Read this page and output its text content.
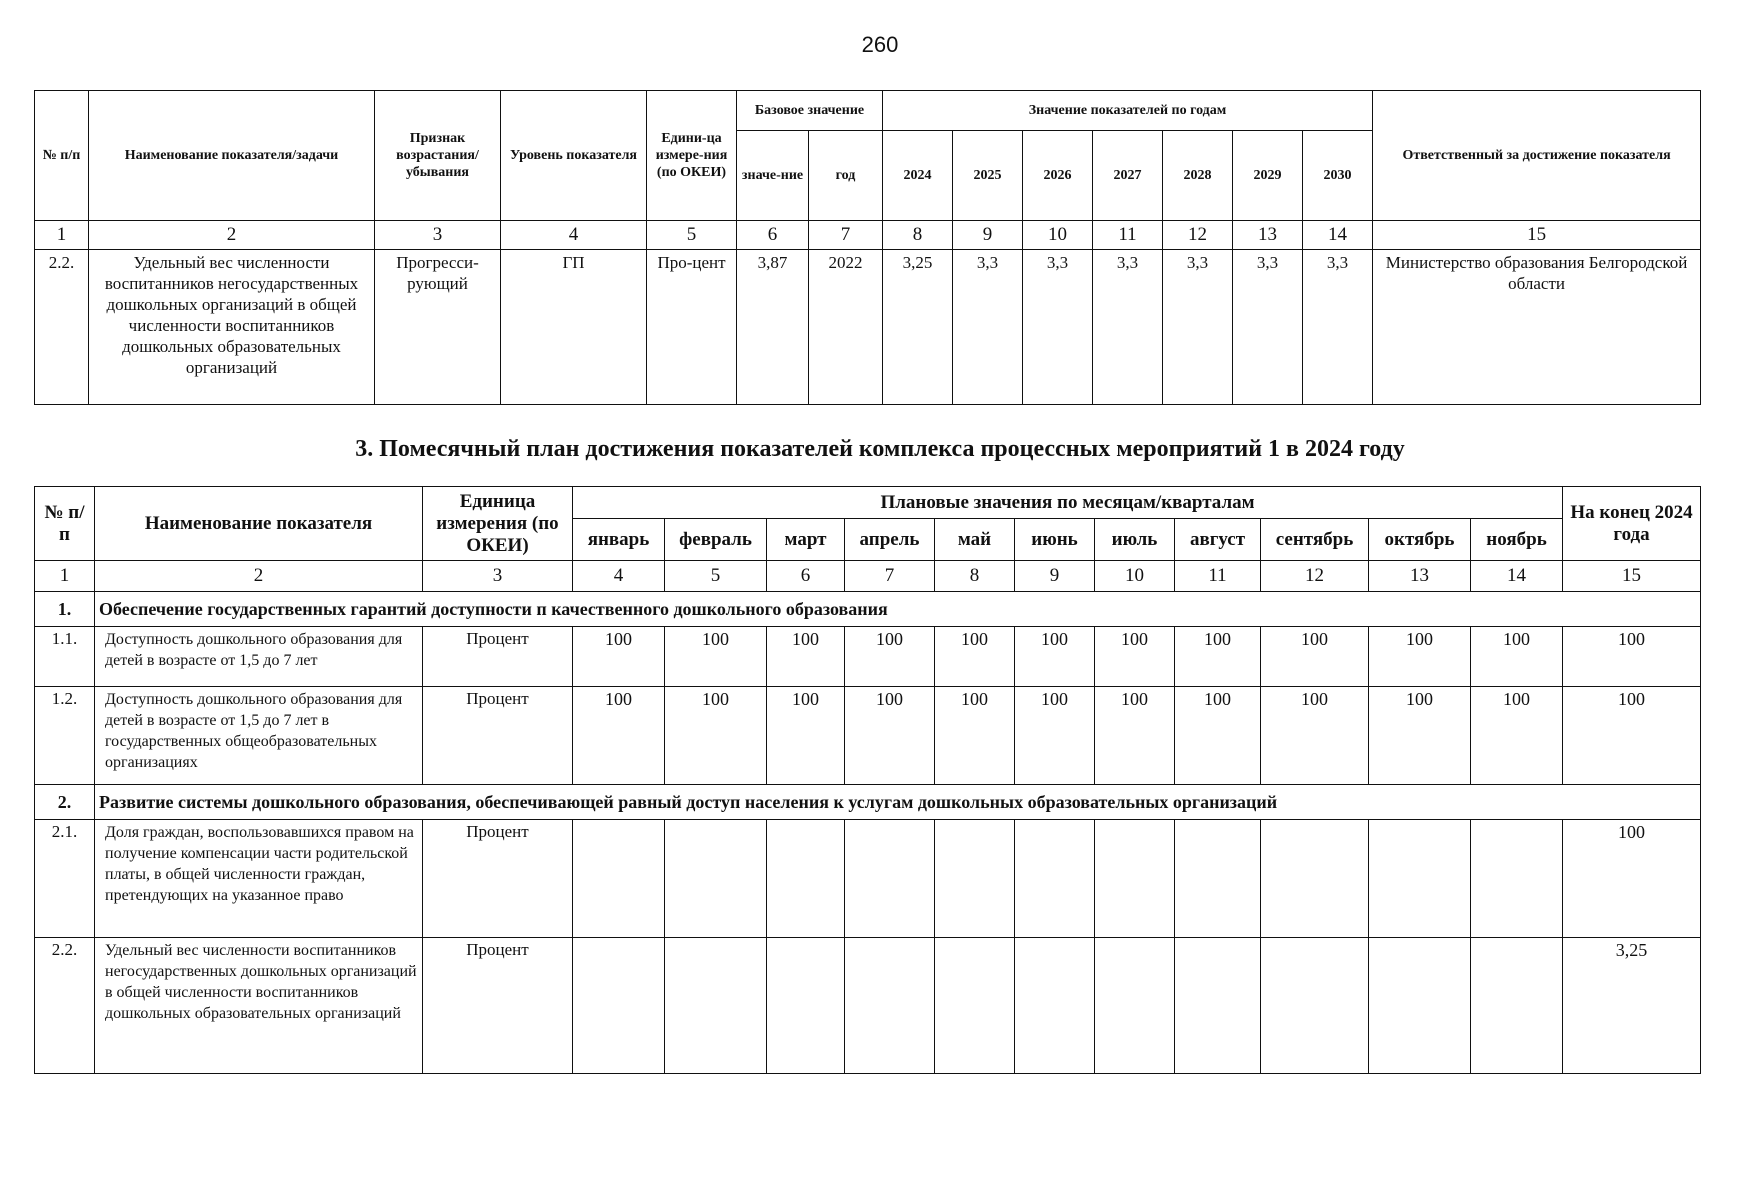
260
№ п/п	Наименование показателя/задачи	Признак возрастания/ убывания	Уровень показателя	Едини-ца измере-ния (по ОКЕИ)	Базовое значение		Значение показателей по годам							Ответственный за достижение показателя
					значе-ние	год	2024	2025	2026	2027	2028	2029	2030	
1	2	3	4	5	6	7	8	9	10	11	12	13	14	15
2.2.	Удельный вес численности воспитанников негосударственных дошкольных организаций в общей численности воспитанников дошкольных образовательных организаций	Прогресси-рующий	ГП	Про-цент	3,87	2022	3,25	3,3	3,3	3,3	3,3	3,3	3,3	Министерство образования Белгородской области
3. Помесячный план достижения показателей комплекса процессных мероприятий 1 в 2024 году
№ п/п	Наименование показателя	Единица измерения (по ОКЕИ)	Плановые значения по месяцам/кварталам											На конец 2024 года
			январь	февраль	март	апрель	май	июнь	июль	август	сентябрь	октябрь	ноябрь	
1	2	3	4	5	6	7	8	9	10	11	12	13	14	15
1.	Обеспечение государственных гарантий доступности п качественного дошкольного образования													
1.1.	Доступность дошкольного образования для детей в возрасте от 1,5 до 7 лет	Процент	100	100	100	100	100	100	100	100	100	100	100	100
1.2.	Доступность дошкольного образования для детей в возрасте от 1,5 до 7 лет в государственных общеобразовательных организациях	Процент	100	100	100	100	100	100	100	100	100	100	100	100
2.	Развитие системы дошкольного образования, обеспечивающей равный доступ населения к услугам дошкольных образовательных организаций													
2.1.	Доля граждан, воспользовавшихся правом на получение компенсации части родительской платы, в общей численности граждан, претендующих на указанное право	Процент												100
2.2.	Удельный вес численности воспитанников негосударственных дошкольных организаций в общей численности воспитанников дошкольных образовательных организаций	Процент												3,25
